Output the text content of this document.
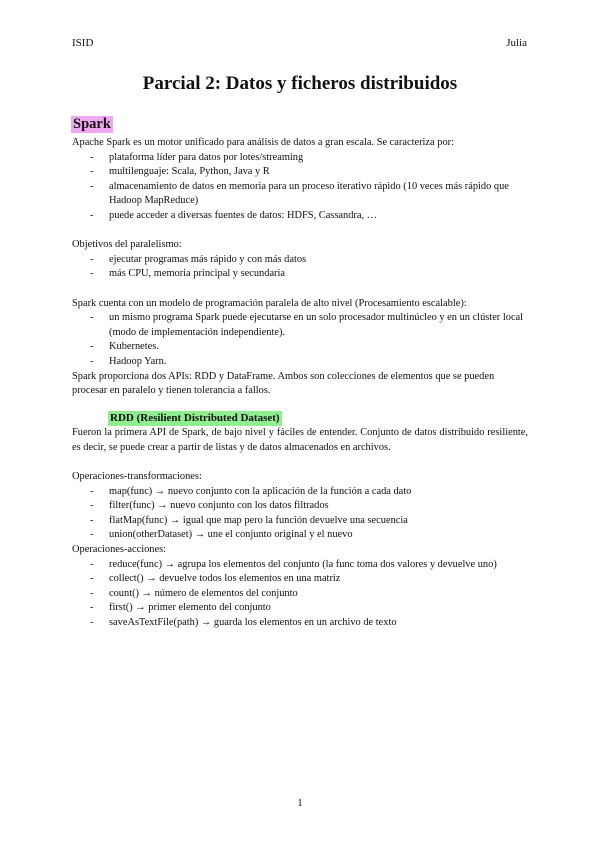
ISID	Julia
Parcial 2: Datos y ficheros distribuidos
Spark

Apache Spark es un motor unificado para análisis de datos a gran escala. Se caracteriza por:

- plataforma líder para datos por lotes/streaming
- multilenguaje: Scala, Python, Java y R
- almacenamiento de datos en memoria para un proceso iterativo rápido (10 veces más rápido que Hadoop MapReduce)
- puede acceder a diversas fuentes de datos: HDFS, Cassandra, …

Objetivos del paralelismo:

- ejecutar programas más rápido y con más datos
- más CPU, memoria principal y secundaria

Spark cuenta con un modelo de programación paralela de alto nivel (Procesamiento escalable):

- un mismo programa Spark puede ejecutarse en un solo procesador multinúcleo y en un clúster local (modo de implementación independiente).
- Kubernetes.
- Hadoop Yarn.

Spark proporciona dos APIs: RDD y DataFrame. Ambos son colecciones de elementos que se pueden procesar en paralelo y tienen tolerancia a fallos.

RDD (Resilient Distributed Dataset)

Fueron la primera API de Spark, de bajo nivel y fáciles de entender. Conjunto de datos distribuido resiliente, es decir, se puede crear a partir de listas y de datos almacenados en archivos.

Operaciones-transformaciones:

- map(func) → nuevo conjunto con la aplicación de la función a cada dato
- filter(func) → nuevo conjunto con los datos filtrados
- flatMap(func) → igual que map pero la función devuelve una secuencia
- union(otherDataset) → une el conjunto original y el nuevo

Operaciones-acciones:

- reduce(func) → agrupa los elementos del conjunto (la func toma dos valores y devuelve uno)
- collect() → devuelve todos los elementos en una matriz
- count() → número de elementos del conjunto
- first() → primer elemento del conjunto
- saveAsTextFile(path) → guarda los elementos en un archivo de texto
1
